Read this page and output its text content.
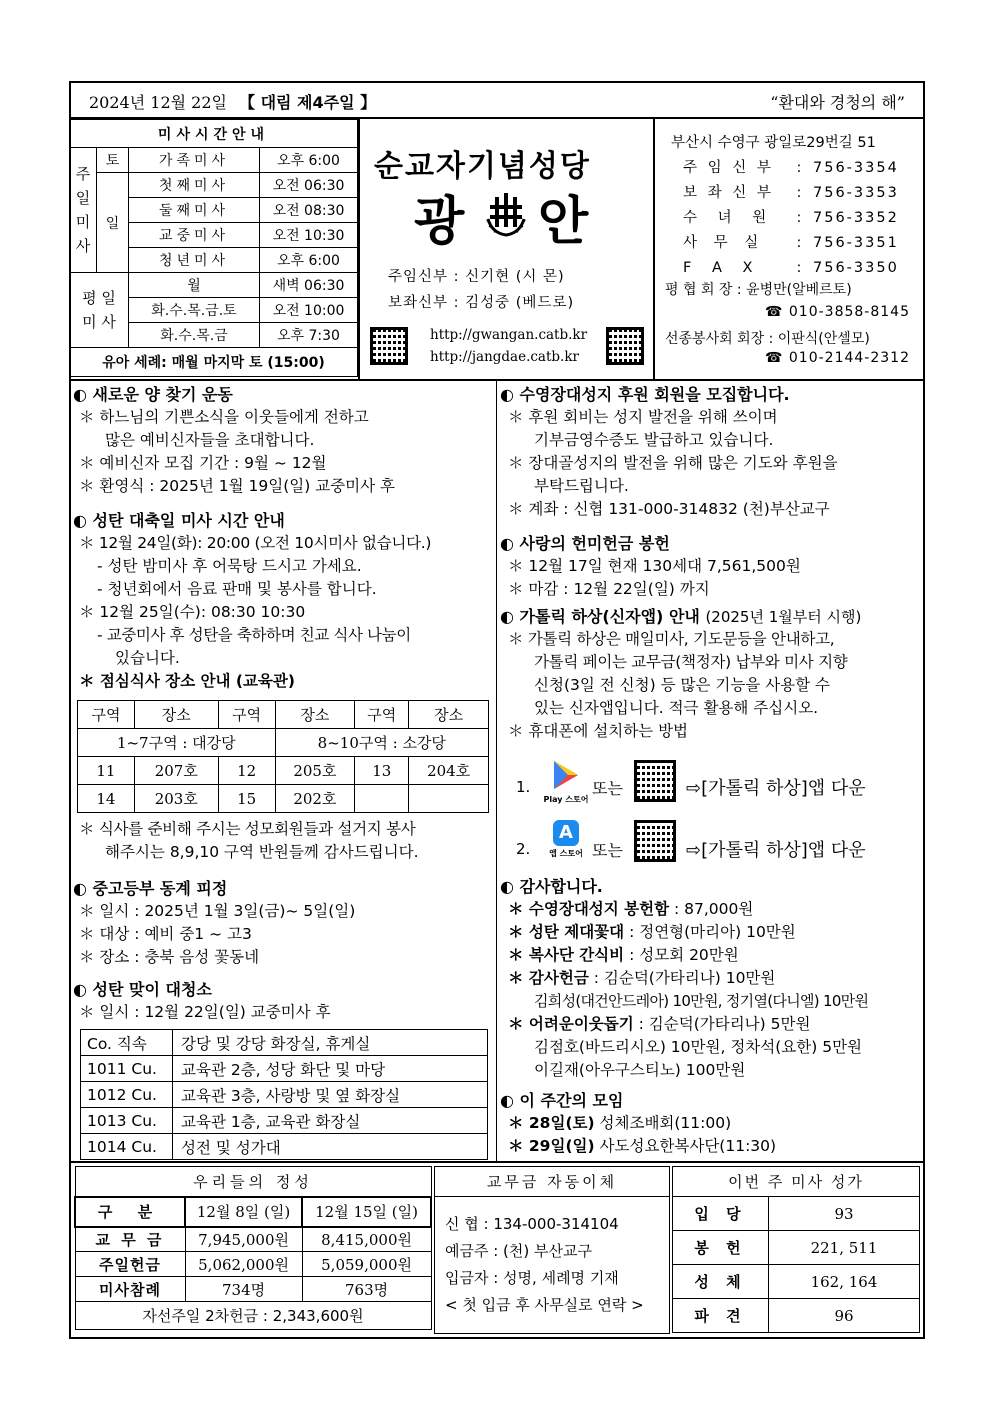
2024년 12월 22일 【 대림 제4주일 】	“환대와 경청의 해”
미사시간안내			
주
일
미
사	토	가족미사	오후 6:00
	일	첫째미사	오전 06:30
		둘째미사	오전 08:30
		교중미사	오전 10:30
		청년미사	오후 6:00
평 일
미 사		월	새벽 06:30
		화.수.목.금.토	오전 10:00
		화.수.목.금	오후 7:30
유아 세례: 매월 마지막 토 (15:00)			
순교자기념성당
광 안
주임신부 : 신기현 (시 몬)
보좌신부 : 김성중 (베드로)
http://gwangan.catb.kr
http://jangdae.catb.kr
부산시 수영구 광일로29번길 51
주 임 신 부	: 756-3354
보 좌 신 부	: 756-3353
수 녀 원	: 756-3352
사 무 실	: 756-3351
F A X	: 756-3350
평 협 회 장 : 윤병만(알베르토)
☎ 010-3858-8145
선종봉사회 회장 : 이판식(안셀모)
☎ 010-2144-2312
◐ 새로운 양 찾기 운동
＊ 하느님의 기쁜소식을 이웃들에게 전하고
많은 예비신자들을 초대합니다.
＊ 예비신자 모집 기간 : 9월 ~ 12월
＊ 환영식 : 2025년 1월 19일(일) 교중미사 후
◐ 성탄 대축일 미사 시간 안내
＊ 12월 24일(화): 20:00 (오전 10시미사 없습니다.)
- 성탄 밤미사 후 어묵탕 드시고 가세요.
- 청년회에서 음료 판매 및 봉사를 합니다.
＊ 12월 25일(수): 08:30 10:30
- 교중미사 후 성탄을 축하하며 친교 식사 나눔이
있습니다.
＊ 점심식사 장소 안내 (교육관)
구역	장소	구역	장소	구역	장소
1~7구역 : 대강당			8~10구역 : 소강당		
11	207호	12	205호	13	204호
14	203호	15	202호		
＊ 식사를 준비해 주시는 성모회원들과 설거지 봉사
해주시는 8,9,10 구역 반원들께 감사드립니다.
◐ 중고등부 동계 피정
＊ 일시 : 2025년 1월 3일(금)~ 5일(일)
＊ 대상 : 예비 중1 ~ 고3
＊ 장소 : 충북 음성 꽃동네
◐ 성탄 맞이 대청소
＊ 일시 : 12월 22일(일) 교중미사 후
Co. 직속	강당 및 강당 화장실, 휴게실
1011 Cu.	교육관 2층, 성당 화단 및 마당
1012 Cu.	교육관 3층, 사랑방 및 옆 화장실
1013 Cu.	교육관 1층, 교육관 화장실
1014 Cu.	성전 및 성가대
◐ 수영장대성지 후원 회원을 모집합니다.
＊ 후원 회비는 성지 발전을 위해 쓰이며
기부금영수증도 발급하고 있습니다.
＊ 장대골성지의 발전을 위해 많은 기도와 후원을
부탁드립니다.
＊ 계좌 : 신협 131-000-314832 (천)부산교구
◐ 사랑의 헌미헌금 봉헌
＊ 12월 17일 현재 130세대 7,561,500원
＊ 마감 : 12월 22일(일) 까지
◐ 가톨릭 하상(신자앱) 안내 (2025년 1월부터 시행)
＊ 가톨릭 하상은 매일미사, 기도문등을 안내하고,
가톨릭 페이는 교무금(책정자) 납부와 미사 지향
신청(3일 전 신청) 등 많은 기능을 사용할 수
있는 신자앱입니다. 적극 활용해 주십시오.
＊ 휴대폰에 설치하는 방법
1.
Play 스토어
또는	⇨[가톨릭 하상]앱 다운
2.
A
앱 스토어 또는	⇨[가톨릭 하상]앱 다운
◐ 감사합니다.
＊ 수영장대성지 봉헌함 : 87,000원
＊ 성탄 제대꽃대 : 정연형(마리아) 10만원
＊ 복사단 간식비 : 성모회 20만원
＊ 감사헌금 : 김순덕(가타리나) 10만원
김희성(대건안드레아) 10만원, 정기열(다니엘) 10만원
＊ 어려운이웃돕기 : 김순덕(가타리나) 5만원
김점호(바드리시오) 10만원, 정차석(요한) 5만원
이길재(아우구스티노) 100만원
◐ 이 주간의 모임
＊ 28일(토) 성체조배회(11:00)
＊ 29일(일) 사도성요한복사단(11:30)
우리들의 정성		
구 분	12월 8일 (일)	12월 15일 (일)
교 무 금	7,945,000원	8,415,000원
주일헌금	5,062,000원	5,059,000원
미사참례	734명	763명
자선주일 2차헌금 : 2,343,600원		
교무금 자동이체
신 협 : 134-000-314104
예금주 : (천) 부산교구
입금자 : 성명, 세례명 기재
< 첫 입금 후 사무실로 연락 >
이번 주 미사 성가	
입 당	93
봉 헌	221, 511
성 체	162, 164
파 견	96
